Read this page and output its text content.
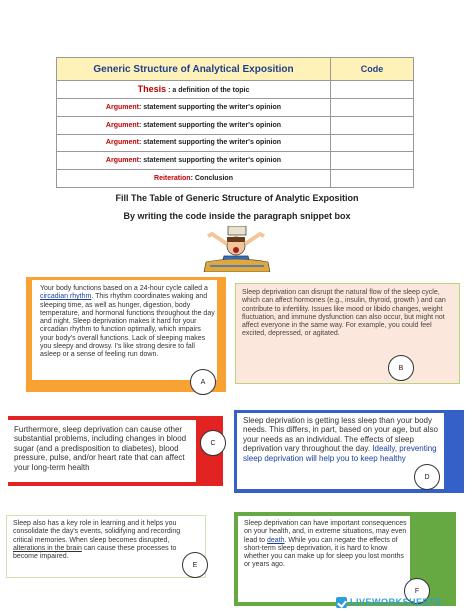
Generic Structure of Analytical Exposition	Code
Thesis : a definition of the topic	
Argument: statement supporting the writer's opinion	
Argument: statement supporting the writer's opinion	
Argument: statement supporting the writer's opinion	
Argument: statement supporting the writer's opinion	
Reiteration: Conclusion	
Fill The Table of Generic Structure of Analytic Exposition
By writing the code inside the paragraph snippet box
Your body functions based on a 24-hour cycle called a circadian rhythm. This rhythm coordinates waking and sleeping time, as well as hunger, digestion, body temperature, and hormonal functions throughout the day and night. Sleep deprivation makes it hard for your circadian rhythm to function optimally, which impairs your body's overall functions. Lack of sleeping makes you sleepy and drowsy. I's like strong desire to fall asleep or a sense of feeling run down.
A
Sleep deprivation can disrupt the natural flow of the sleep cycle, which can affect hormones (e.g., insulin, thyroid, growth ) and can contribute to infertility. Issues like mood or libido changes, weight fluctuation, and immune dysfunction can also occur, but might not affect everyone in the same way. For example, you could feel excited, depressed, or agitated.
B
Furthermore, sleep deprivation can cause other substantial problems, including changes in blood sugar (and a predisposition to diabetes), blood pressure, pulse, and/or heart rate that can affect your long-term health
C
Sleep deprivation is getting less sleep than your body needs. This differs, in part, based on your age, but also your needs as an individual. The effects of sleep deprivation vary throughout the day. Ideally, preventing sleep deprivation will help you to keep healthy
D
Sleep also has a key role in learning and it helps you consolidate the day's events, solidifying and recording critical memories. When sleep becomes disrupted, alterations in the brain can cause these processes to become impaired.
E
Sleep deprivation can have important consequences on your health, and, in extreme situations, may even lead to death. While you can negate the effects of short-term sleep deprivation, it is hard to know whether you can make up for sleep you lost months or years ago.
F
LIVEWORKSHEETS
